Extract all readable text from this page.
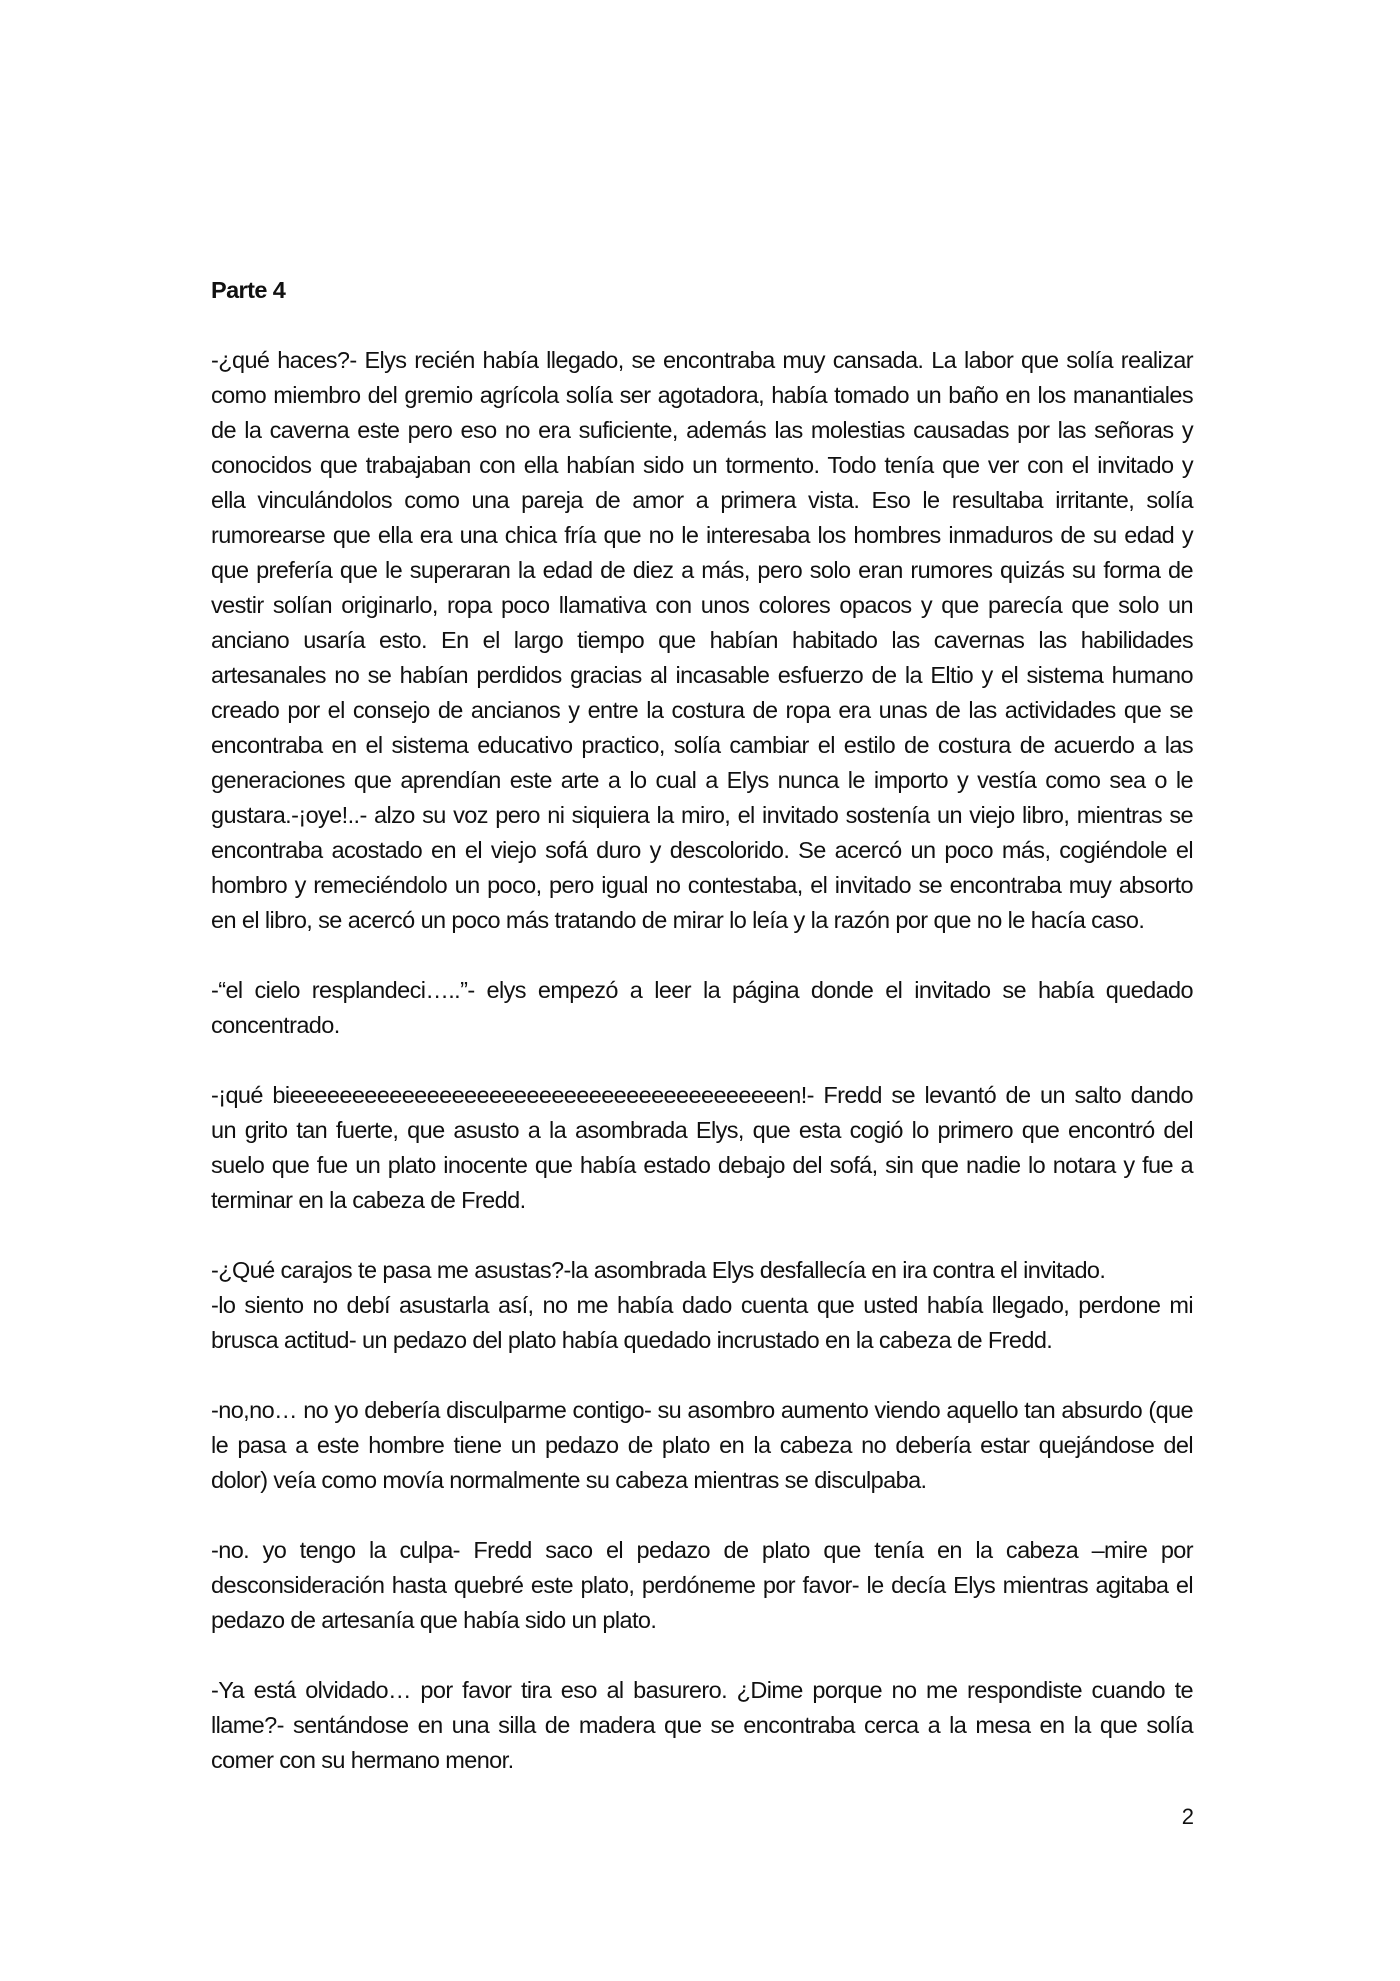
Parte 4

-¿qué haces?- Elys recién había llegado, se encontraba muy cansada. La labor que solía realizar como miembro del gremio agrícola solía ser agotadora, había tomado un baño en los manantiales de la caverna este pero eso no era suficiente, además las molestias causadas por las señoras y conocidos que trabajaban con ella habían sido un tormento. Todo tenía que ver con el invitado y ella vinculándolos como una pareja de amor a primera vista. Eso le resultaba irritante, solía rumorearse que ella era una chica fría que no le interesaba los hombres inmaduros de su edad y que prefería que le superaran la edad de diez a más, pero solo eran rumores quizás su forma de vestir solían originarlo, ropa poco llamativa con unos colores opacos y que parecía que solo un anciano usaría esto. En el largo tiempo que habían habitado las cavernas las habilidades artesanales no se habían perdidos gracias al incasable esfuerzo de la Eltio y el sistema humano creado por el consejo de ancianos y entre la costura de ropa era unas de las actividades que se encontraba en el sistema educativo practico, solía cambiar el estilo de costura de acuerdo a las generaciones que aprendían este arte a lo cual a Elys nunca le importo y vestía como sea o le gustara.-¡oye!..- alzo su voz pero ni siquiera la miro, el invitado sostenía un viejo libro, mientras se encontraba acostado en el viejo sofá duro y descolorido. Se acercó un poco más, cogiéndole el hombro y remeciéndolo un poco, pero igual no contestaba, el invitado se encontraba muy absorto en el libro, se acercó un poco más tratando de mirar lo leía y la razón por que no le hacía caso.

-“el cielo resplandeci…..”- elys empezó a leer la página donde el invitado se había quedado concentrado.

-¡qué bieeeeeeeeeeeeeeeeeeeeeeeeeeeeeeeeeeeeeeeen!- Fredd se levantó de un salto dando un grito tan fuerte, que asusto a la asombrada Elys, que esta cogió lo primero que encontró del suelo que fue un plato inocente que había estado debajo del sofá, sin que nadie lo notara y fue a terminar en la cabeza de Fredd.

-¿Qué carajos te pasa me asustas?-la asombrada Elys desfallecía en ira contra el invitado.

-lo siento no debí asustarla así, no me había dado cuenta que usted había llegado, perdone mi brusca actitud- un pedazo del plato había quedado incrustado en la cabeza de Fredd.

-no,no… no yo debería disculparme contigo- su asombro aumento viendo aquello tan absurdo (que le pasa a este hombre tiene un pedazo de plato en la cabeza no debería estar quejándose del dolor) veía como movía normalmente su cabeza mientras se disculpaba.

-no. yo tengo la culpa- Fredd saco el pedazo de plato que tenía en la cabeza –mire por desconsideración hasta quebré este plato, perdóneme por favor- le decía Elys mientras agitaba el pedazo de artesanía que había sido un plato.

-Ya está olvidado… por favor tira eso al basurero. ¿Dime porque no me respondiste cuando te llame?- sentándose en una silla de madera que se encontraba cerca a la mesa en la que solía comer con su hermano menor.

2
